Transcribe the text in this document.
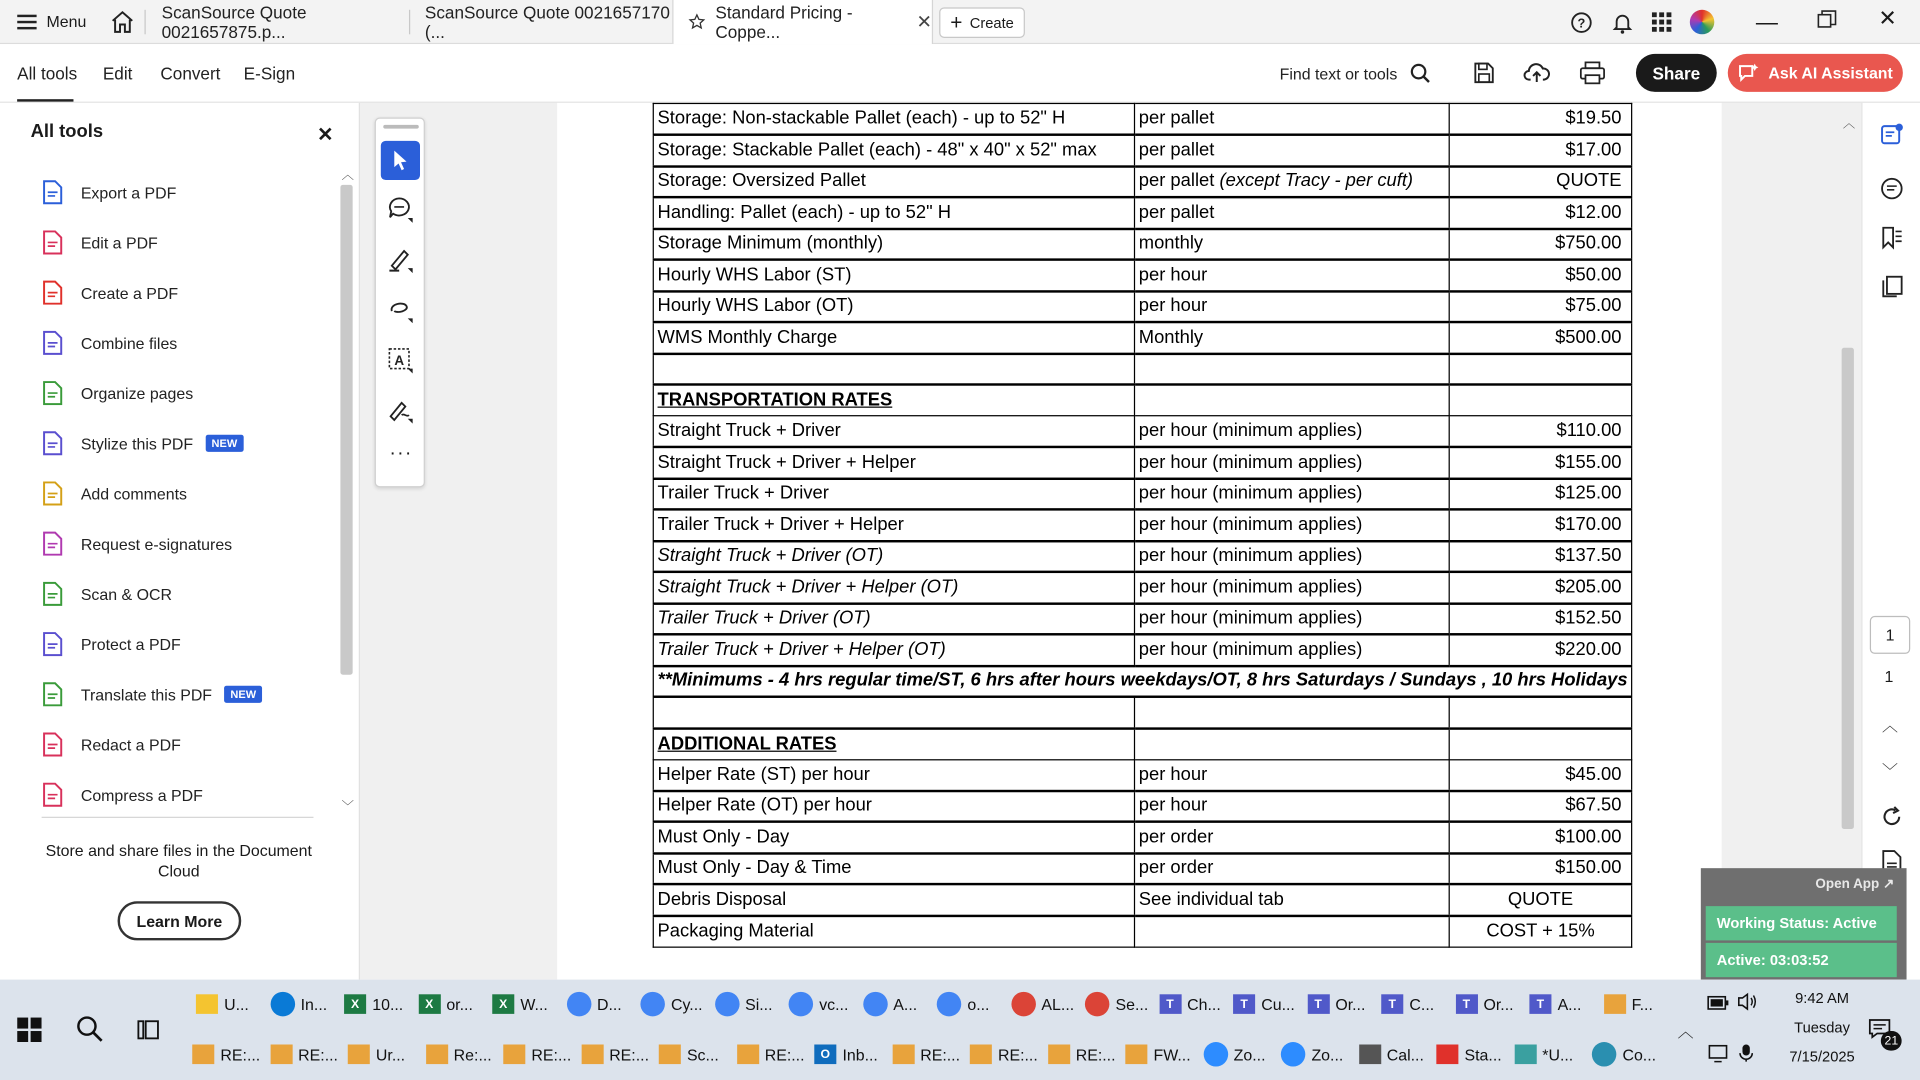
Menu	ScanSource Quote 0021657875.p...
ScanSource Quote 0021657170 (...
Standard Pricing - Coppe...	✕ + Create	?	—	✕
All tools Edit Convert E-Sign	Find text or tools	Share	Ask AI Assistant
All tools	✕
Export a PDF
Edit a PDF
Create a PDF
Combine files
Organize pages
Stylize this PDF	NEW
Add comments
Request e-signatures
Scan & OCR
Protect a PDF
Translate this PDF	NEW
Redact a PDF
Compress a PDF
︿
﹀
Store and share files in the Document Cloud
Learn More
A
···
Storage: Non-stackable Pallet (each) - up to 52" H	per pallet	$19.50
Storage: Stackable Pallet (each) - 48" x 40" x 52" max	per pallet	$17.00
Storage: Oversized Pallet	per pallet (except Tracy - per cuft)	QUOTE
Handling: Pallet (each) - up to 52" H	per pallet	$12.00
Storage Minimum (monthly)	monthly	$750.00
Hourly WHS Labor (ST)	per hour	$50.00
Hourly WHS Labor (OT)	per hour	$75.00
WMS Monthly Charge	Monthly	$500.00

TRANSPORTATION RATES		
Straight Truck + Driver	per hour (minimum applies)	$110.00
Straight Truck + Driver + Helper	per hour (minimum applies)	$155.00
Trailer Truck + Driver	per hour (minimum applies)	$125.00
Trailer Truck + Driver + Helper	per hour (minimum applies)	$170.00
Straight Truck + Driver (OT)	per hour (minimum applies)	$137.50
Straight Truck + Driver + Helper (OT)	per hour (minimum applies)	$205.00
Trailer Truck + Driver (OT)	per hour (minimum applies)	$152.50
Trailer Truck + Driver + Helper (OT)	per hour (minimum applies)	$220.00
**Minimums - 4 hrs regular time/ST, 6 hrs after hours weekdays/OT, 8 hrs Saturdays / Sundays , 10 hrs Holidays		

ADDITIONAL RATES		
Helper Rate (ST) per hour	per hour	$45.00
Helper Rate (OT) per hour	per hour	$67.50
Must Only - Day	per order	$100.00
Must Only - Day & Time	per order	$150.00
Debris Disposal	See individual tab	QUOTE
Packaging Material		COST + 15%
︿
1
1
︿
﹀
Open App ↗
Working Status: Active
Active: 03:03:52
U...	In...	X	10...	X	or...	X	W...	D...	Cy...	Si...	vc...	A...	o...	AL...	Se...	T	Ch...	T	Cu...	T	Or...	T	C...	T	Or...	T	A...	F...
RE:...	RE:...	Ur...	Re:...	RE:...	RE:...	Sc...	RE:...	O Inb...	RE:...	RE:...	RE:...	FW...	Zo...	Zo...	Cal...	Sta...	*U...	Co...
︿
9:42 AM
Tuesday
7/15/2025
21
